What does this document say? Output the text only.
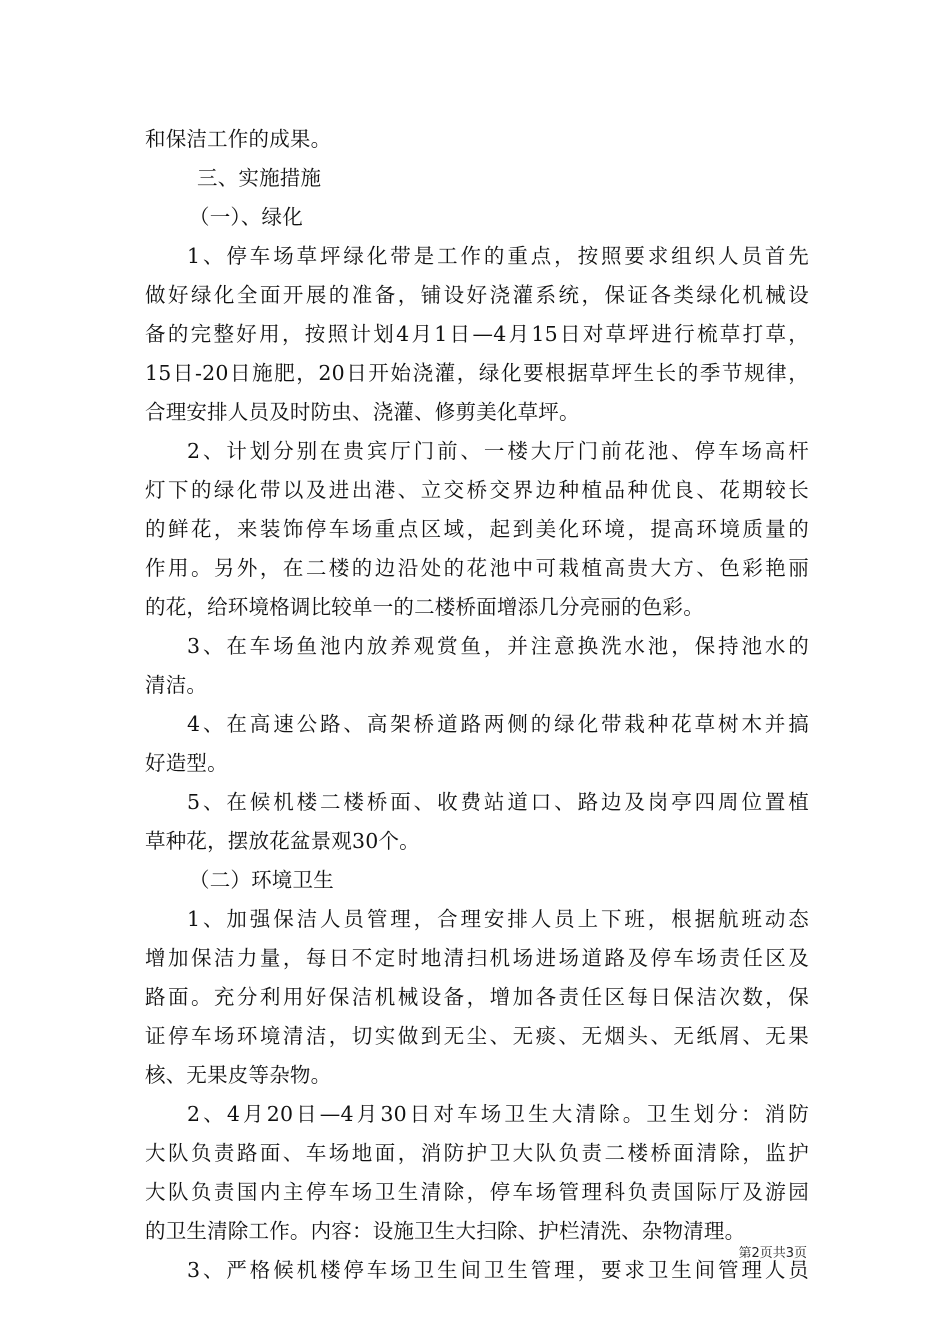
和保洁工作的成果。
三、实施措施
（一）、绿化
1、停车场草坪绿化带是工作的重点，按照要求组织人员首先
做好绿化全面开展的准备，铺设好浇灌系统，保证各类绿化机械设
备的完整好用，按照计划4月1日—4月15日对草坪进行梳草打草，
15日-20日施肥，20日开始浇灌，绿化要根据草坪生长的季节规律，
合理安排人员及时防虫、浇灌、修剪美化草坪。
2、计划分别在贵宾厅门前、一楼大厅门前花池、停车场高杆
灯下的绿化带以及进出港、立交桥交界边种植品种优良、花期较长
的鲜花，来装饰停车场重点区域，起到美化环境，提高环境质量的
作用。另外，在二楼的边沿处的花池中可栽植高贵大方、色彩艳丽
的花，给环境格调比较单一的二楼桥面增添几分亮丽的色彩。
3、在车场鱼池内放养观赏鱼，并注意换洗水池，保持池水的
清洁。
4、在高速公路、高架桥道路两侧的绿化带栽种花草树木并搞
好造型。
5、在候机楼二楼桥面、收费站道口、路边及岗亭四周位置植
草种花，摆放花盆景观30个。
（二）环境卫生
1、加强保洁人员管理，合理安排人员上下班，根据航班动态
增加保洁力量，每日不定时地清扫机场进场道路及停车场责任区及
路面。充分利用好保洁机械设备，增加各责任区每日保洁次数，保
证停车场环境清洁，切实做到无尘、无痰、无烟头、无纸屑、无果
核、无果皮等杂物。
2、4月20日—4月30日对车场卫生大清除。卫生划分：消防
大队负责路面、车场地面，消防护卫大队负责二楼桥面清除，监护
大队负责国内主停车场卫生清除，停车场管理科负责国际厅及游园
的卫生清除工作。内容：设施卫生大扫除、护栏清洗、杂物清理。
3、严格候机楼停车场卫生间卫生管理，要求卫生间管理人员
第2页共3页
